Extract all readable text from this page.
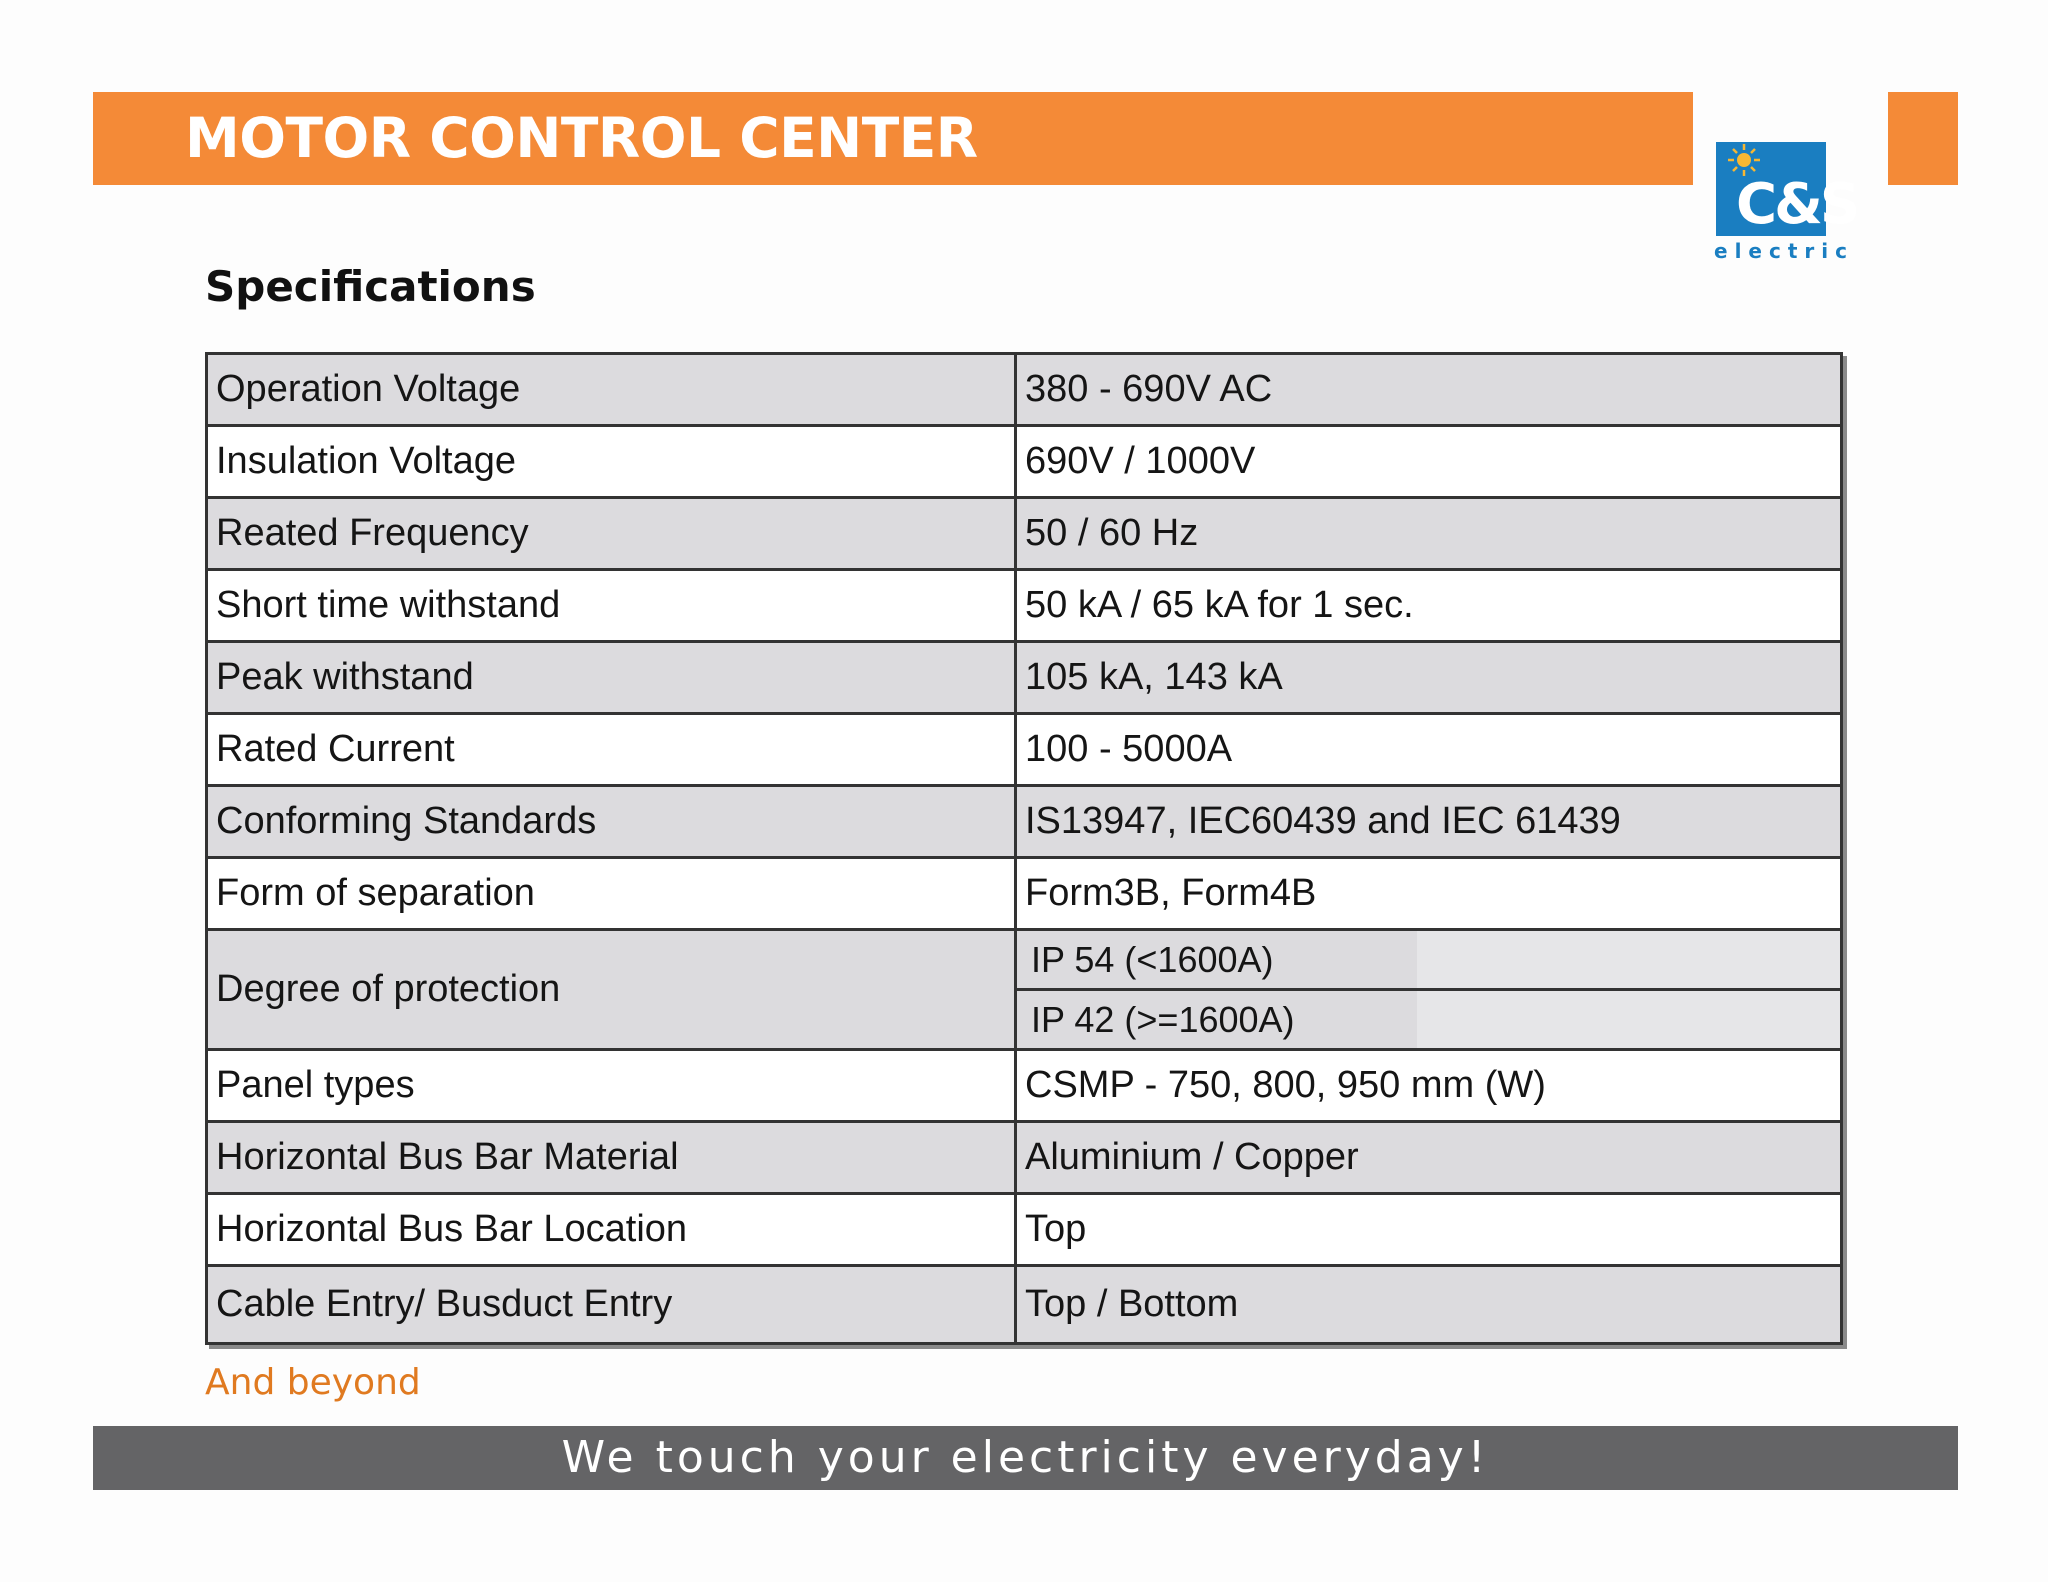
MOTOR CONTROL CENTER
C&S
electric
Specifications
Operation Voltage	380 - 690V AC
Insulation Voltage	690V / 1000V
Reated Frequency	50 / 60 Hz
Short time withstand	50 kA / 65 kA for 1 sec.
Peak withstand	105 kA, 143 kA
Rated Current	100 - 5000A
Conforming Standards	IS13947, IEC60439 and IEC 61439
Form of separation	Form3B, Form4B
Degree of protection	IP 54 (<1600A)
IP 42 (>=1600A)

Panel types	CSMP - 750, 800, 950 mm (W)
Horizontal Bus Bar Material	Aluminium / Copper
Horizontal Bus Bar Location	Top
Cable Entry/ Busduct Entry	Top / Bottom
And beyond
We touch your electricity everyday!
